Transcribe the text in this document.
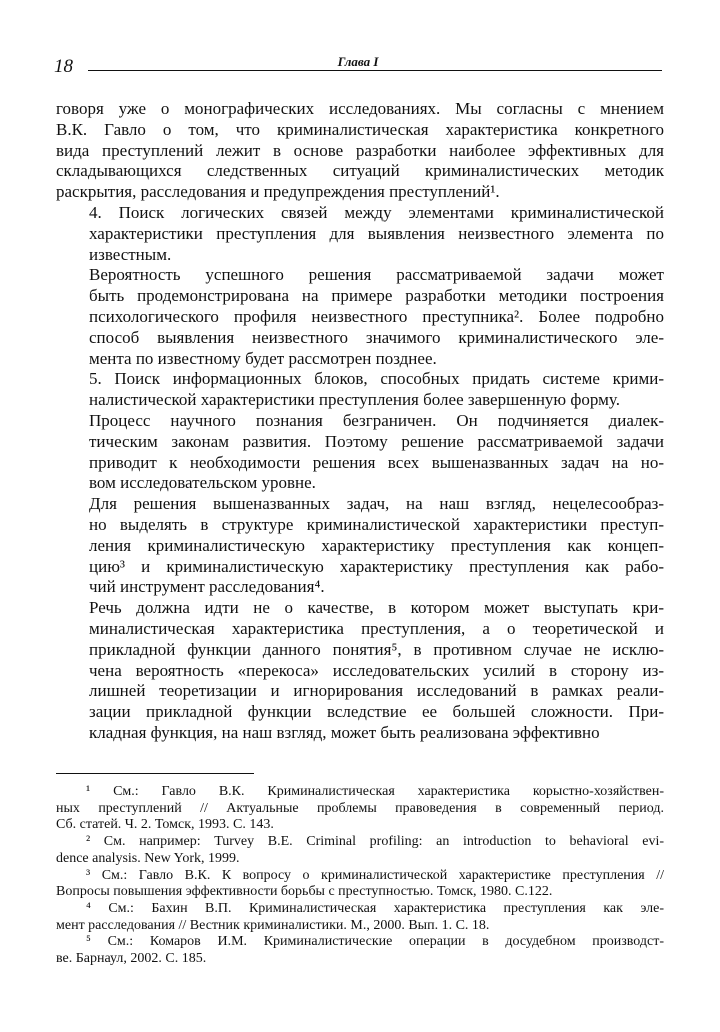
18	Глава I

говоря уже о монографических исследованиях. Мы согласны с мнением
В.К. Гавло о том, что криминалистическая характеристика конкретного
вида преступлений лежит в основе разработки наиболее эффективных для
складывающихся следственных ситуаций криминалистических методик
раскрытия, расследования и предупреждения преступлений¹.

4. Поиск логических связей между элементами криминалистической
характеристики преступления для выявления неизвестного элемента по
известным.

Вероятность успешного решения рассматриваемой задачи может
быть продемонстрирована на примере разработки методики построения
психологического профиля неизвестного преступника². Более подробно
способ выявления неизвестного значимого криминалистического эле-
мента по известному будет рассмотрен позднее.

5. Поиск информационных блоков, способных придать системе крими-
налистической характеристики преступления более завершенную форму.

Процесс научного познания безграничен. Он подчиняется диалек-
тическим законам развития. Поэтому решение рассматриваемой задачи
приводит к необходимости решения всех вышеназванных задач на но-
вом исследовательском уровне.

Для решения вышеназванных задач, на наш взгляд, нецелесообраз-
но выделять в структуре криминалистической характеристики преступ-
ления криминалистическую характеристику преступления как концеп-
цию³ и криминалистическую характеристику преступления как рабо-
чий инструмент расследования⁴.

Речь должна идти не о качестве, в котором может выступать кри-
миналистическая характеристика преступления, а о теоретической и
прикладной функции данного понятия⁵, в противном случае не исклю-
чена вероятность «перекоса» исследовательских усилий в сторону из-
лишней теоретизации и игнорирования исследований в рамках реали-
зации прикладной функции вследствие ее большей сложности. При-
кладная функция, на наш взгляд, может быть реализована эффективно

¹ См.: Гавло В.К. Криминалистическая характеристика корыстно-хозяйствен-
ных преступлений // Актуальные проблемы правоведения в современный период.
Сб. статей. Ч. 2. Томск, 1993. С. 143.
² См. например: Turvey B.E. Criminal profiling: an introduction to behavioral evi-
dence analysis. New York, 1999.
³ См.: Гавло В.К. К вопросу о криминалистической характеристике преступления //
Вопросы повышения эффективности борьбы с преступностью. Томск, 1980. С.122.
⁴ См.: Бахин В.П. Криминалистическая характеристика преступления как эле-
мент расследования // Вестник криминалистики. М., 2000. Вып. 1. С. 18.
⁵ См.: Комаров И.М. Криминалистические операции в досудебном производст-
ве. Барнаул, 2002. С. 185.
